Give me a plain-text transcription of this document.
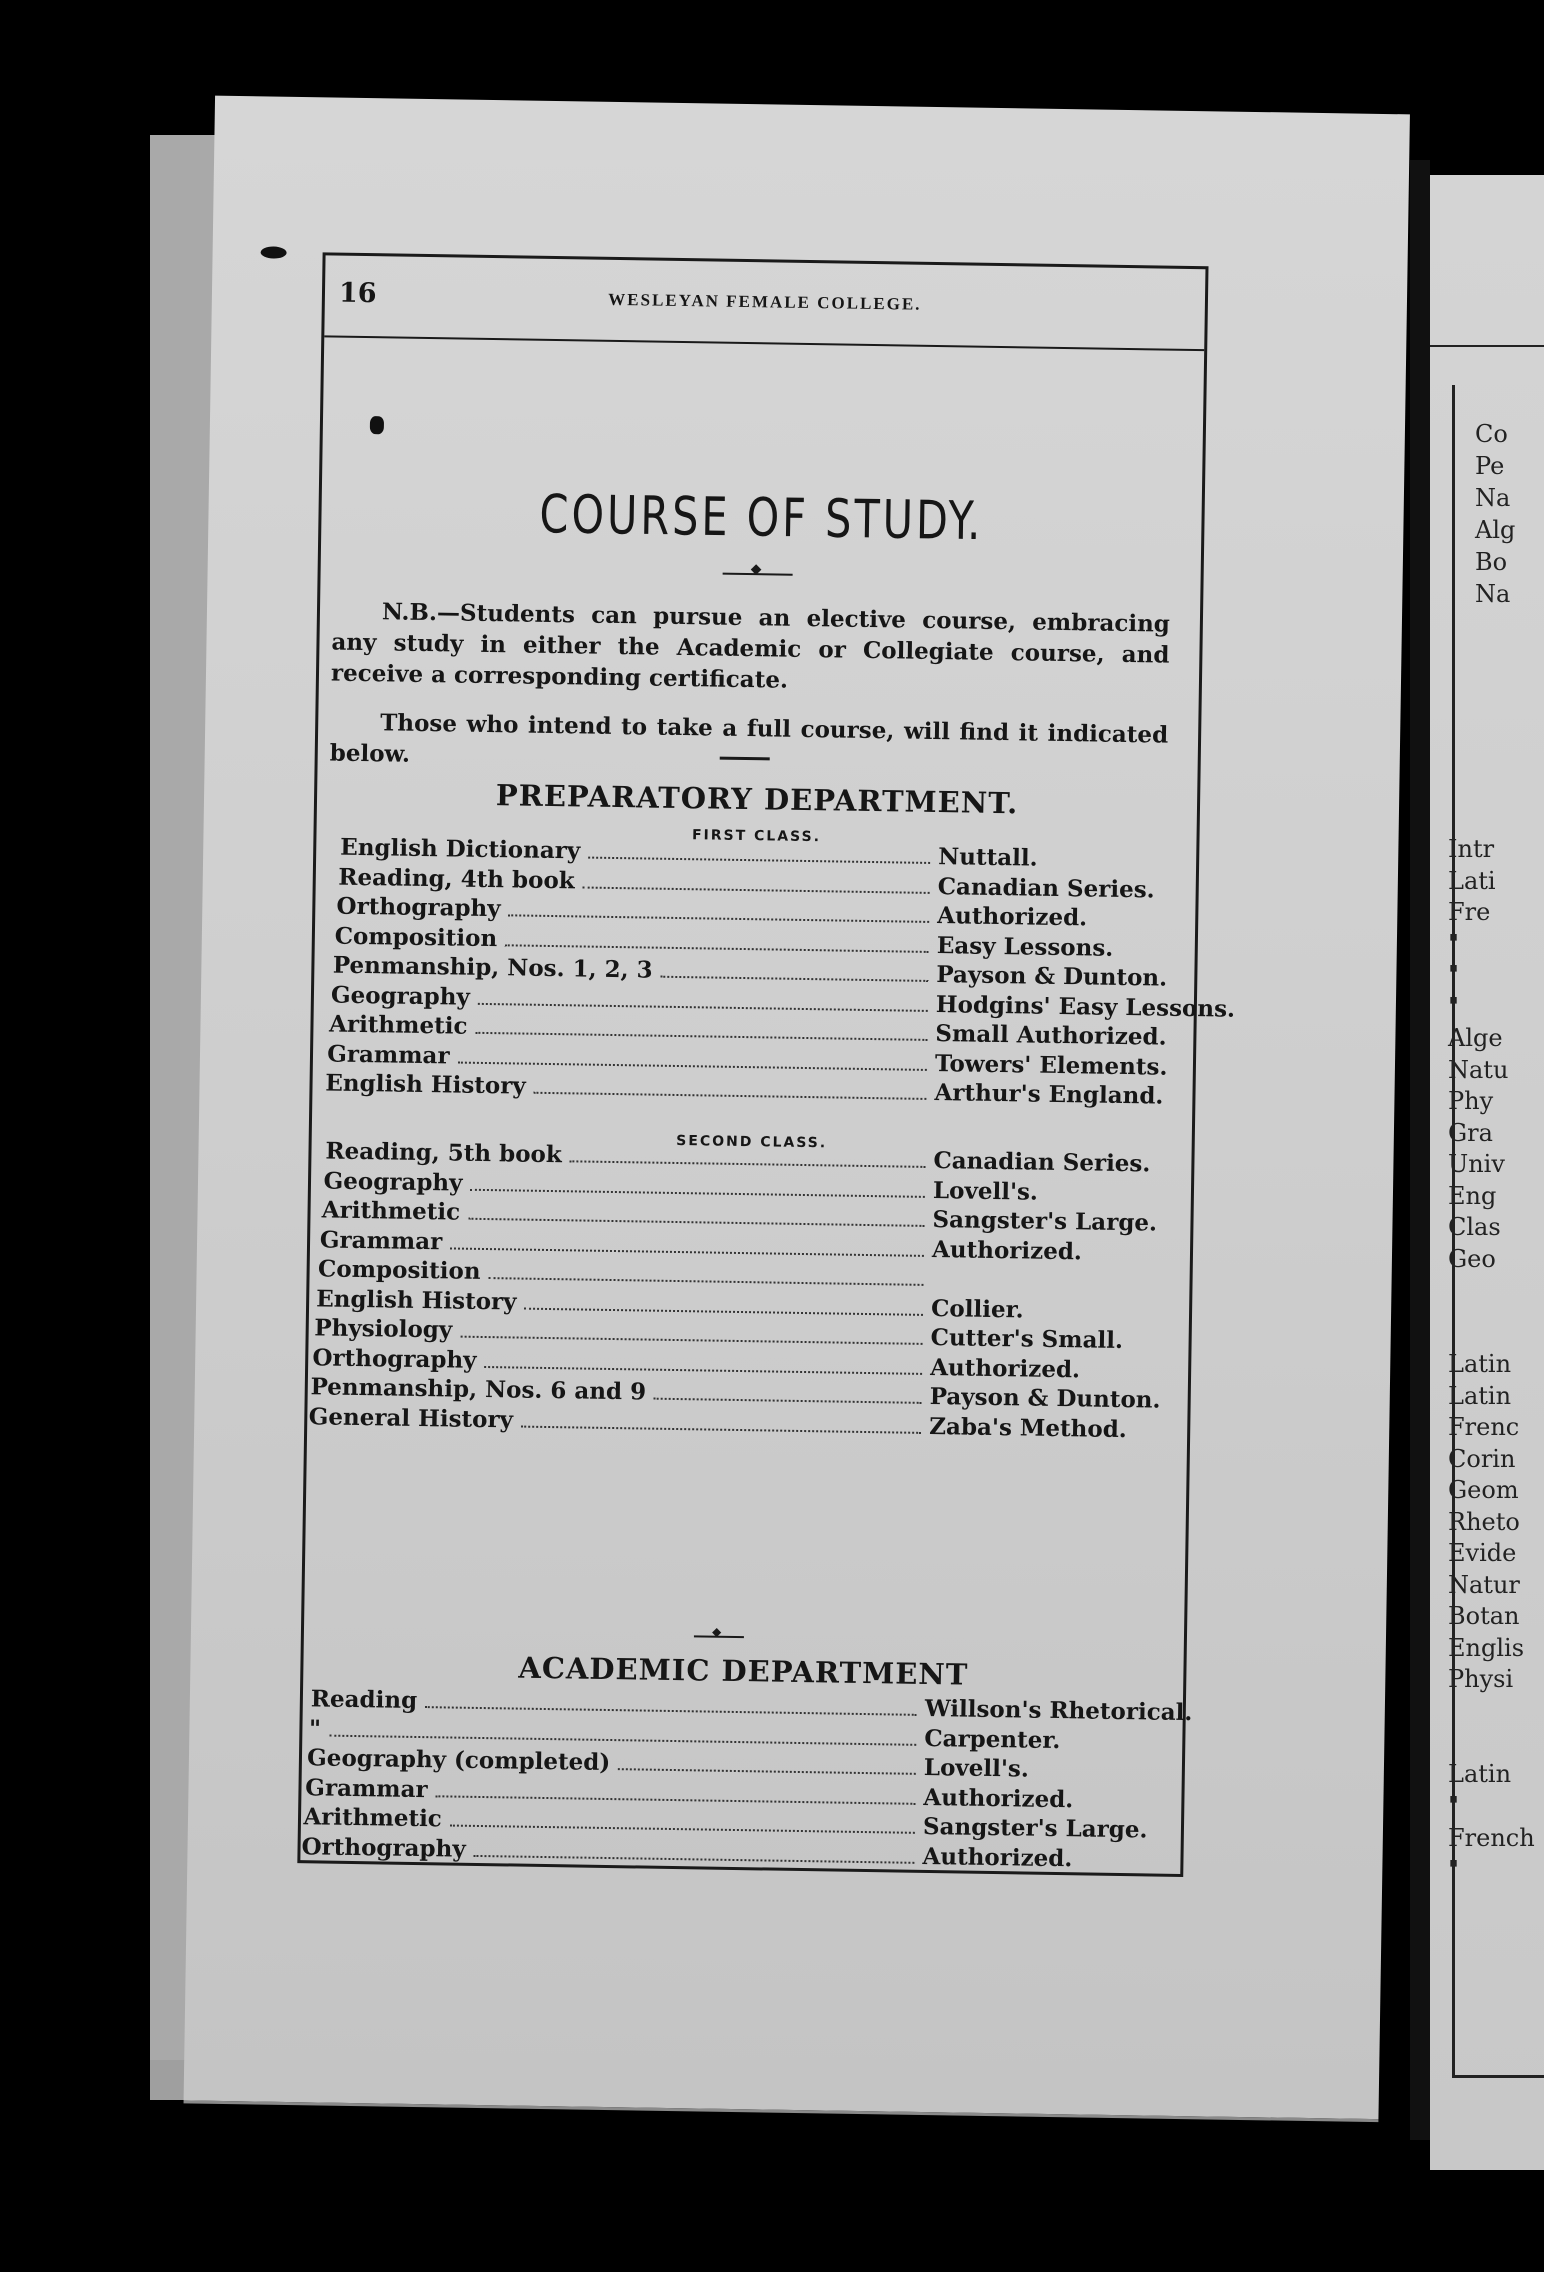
16	WESLEYAN FEMALE COLLEGE.
COURSE OF STUDY.
◆

N.B.—Students can pursue an elective course, embracing any study in either the Academic or Collegiate course, and receive a corresponding certificate.

Those who intend to take a full course, will find it indicated below.

PREPARATORY DEPARTMENT.
FIRST CLASS.
English Dictionary	Nuttall.
Reading, 4th book	Canadian Series.
Orthography	Authorized.
Composition	Easy Lessons.
Penmanship, Nos. 1, 2, 3	Payson & Dunton.
Geography	Hodgins' Easy Lessons.
Arithmetic	Small Authorized.
Grammar	Towers' Elements.
English History	Arthur's England.
SECOND CLASS.
Reading, 5th book	Canadian Series.
Geography	Lovell's.
Arithmetic	Sangster's Large.
Grammar	Authorized.
Composition
English History	Collier.
Physiology	Cutter's Small.
Orthography	Authorized.
Penmanship, Nos. 6 and 9	Payson & Dunton.
General History	Zaba's Method.
◆
ACADEMIC DEPARTMENT
Reading	Willson's Rhetorical.
"	Carpenter.
Geography (completed)	Lovell's.
Grammar	Authorized.
Arithmetic	Sangster's Large.
Orthography	Authorized.
Co
Pe
Na
Alg
Bo
Na
Intr
Lati
Fre
"
"
"
Alge
Natu
Phy
Gra
Univ
Eng
Clas
Geo
Latin
Latin
Frenc
Corin
Geom
Rheto
Evide
Natur
Botan
Englis
Physi
Latin
"
French
"
